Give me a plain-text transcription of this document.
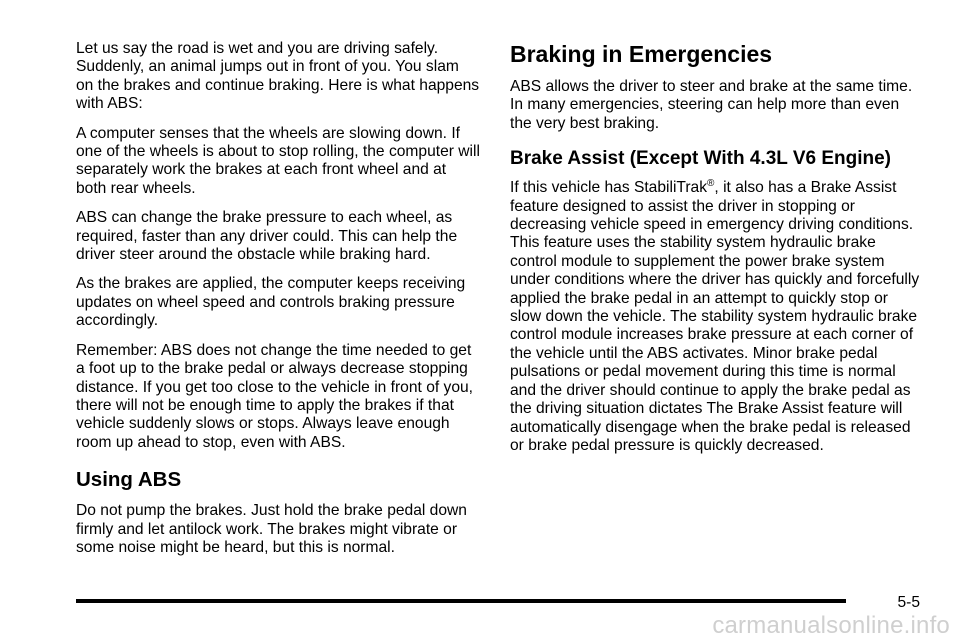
Let us say the road is wet and you are driving safely. Suddenly, an animal jumps out in front of you. You slam on the brakes and continue braking. Here is what happens with ABS:

A computer senses that the wheels are slowing down. If one of the wheels is about to stop rolling, the computer will separately work the brakes at each front wheel and at both rear wheels.

ABS can change the brake pressure to each wheel, as required, faster than any driver could. This can help the driver steer around the obstacle while braking hard.

As the brakes are applied, the computer keeps receiving updates on wheel speed and controls braking pressure accordingly.

Remember: ABS does not change the time needed to get a foot up to the brake pedal or always decrease stopping distance. If you get too close to the vehicle in front of you, there will not be enough time to apply the brakes if that vehicle suddenly slows or stops. Always leave enough room up ahead to stop, even with ABS.

Using ABS

Do not pump the brakes. Just hold the brake pedal down firmly and let antilock work. The brakes might vibrate or some noise might be heard, but this is normal.

Braking in Emergencies

ABS allows the driver to steer and brake at the same time. In many emergencies, steering can help more than even the very best braking.

Brake Assist (Except With 4.3L V6 Engine)

If this vehicle has StabiliTrak®, it also has a Brake Assist feature designed to assist the driver in stopping or decreasing vehicle speed in emergency driving conditions. This feature uses the stability system hydraulic brake control module to supplement the power brake system under conditions where the driver has quickly and forcefully applied the brake pedal in an attempt to quickly stop or slow down the vehicle. The stability system hydraulic brake control module increases brake pressure at each corner of the vehicle until the ABS activates. Minor brake pedal pulsations or pedal movement during this time is normal and the driver should continue to apply the brake pedal as the driving situation dictates The Brake Assist feature will automatically disengage when the brake pedal is released or brake pedal pressure is quickly decreased.

5-5
carmanualsonline.info
